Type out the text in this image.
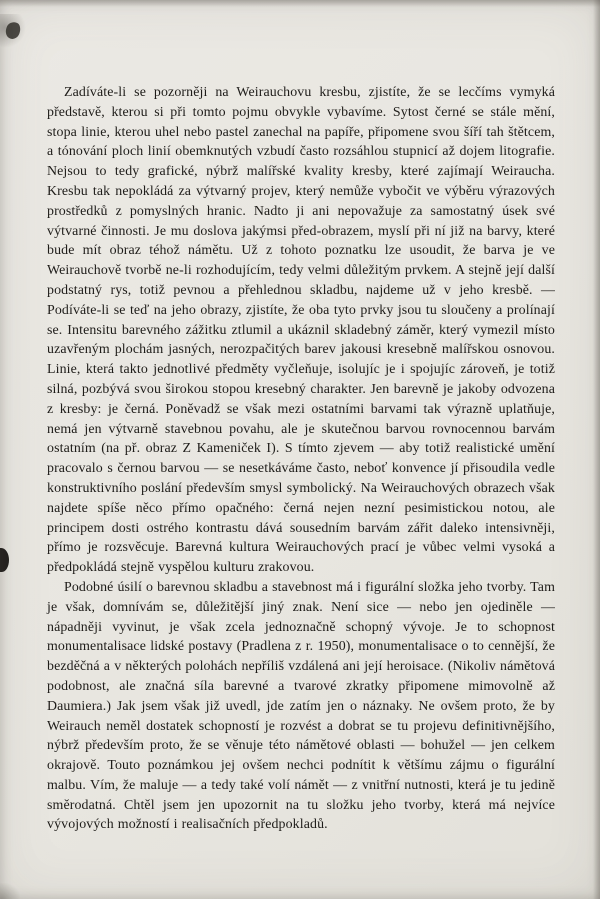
Zadíváte-li se pozorněji na Weirauchovu kresbu, zjistíte, že se lecčíms vymyká představě, kterou si při tomto pojmu obvykle vybavíme. Sytost černé se stále mění, stopa linie, kterou uhel nebo pastel zanechal na papíře, připomene svou šíří tah štětcem, a tónování ploch linií obemknutých vzbudí často rozsáhlou stupnicí až dojem litografie. Nejsou to tedy grafické, nýbrž malířské kvality kresby, které zajímají Weiraucha. Kresbu tak nepokládá za výtvarný projev, který nemůže vybočit ve výběru výrazových prostředků z pomyslných hranic. Nadto ji ani nepovažuje za samostatný úsek své výtvarné činnosti. Je mu doslova jakýmsi před-obrazem, myslí při ní již na barvy, které bude mít obraz téhož námětu. Už z tohoto poznatku lze usoudit, že barva je ve Weirauchově tvorbě ne-li rozhodujícím, tedy velmi důležitým prvkem. A stejně její další podstatný rys, totiž pevnou a přehlednou skladbu, najdeme už v jeho kresbě. — Podíváte-li se teď na jeho obrazy, zjistíte, že oba tyto prvky jsou tu sloučeny a prolínají se. Intensitu barevného zážitku ztlumil a ukáznil skladebný záměr, který vymezil místo uzavřeným plochám jasných, nerozpačitých barev jakousi kresebně malířskou osnovou. Linie, která takto jednotlivé předměty vyčleňuje, isolujíc je i spojujíc zároveň, je totiž silná, pozbývá svou širokou stopou kresebný charakter. Jen barevně je jakoby odvozena z kresby: je černá. Poněvadž se však mezi ostatními barvami tak výrazně uplatňuje, nemá jen výtvarně stavebnou povahu, ale je skutečnou barvou rovnocennou barvám ostatním (na př. obraz Z Kameniček I). S tímto zjevem — aby totiž realistické umění pracovalo s černou barvou — se nesetkáváme často, neboť konvence jí přisoudila vedle konstruktivního poslání především smysl symbolický. Na Weirauchových obrazech však najdete spíše něco přímo opačného: černá nejen nezní pesimistickou notou, ale principem dosti ostrého kontrastu dává sousedním barvám zářit daleko intensivněji, přímo je rozsvěcuje. Barevná kultura Weirauchových prací je vůbec velmi vysoká a předpokládá stejně vyspělou kulturu zrakovou.

Podobné úsilí o barevnou skladbu a stavebnost má i figurální složka jeho tvorby. Tam je však, domnívám se, důležitější jiný znak. Není sice — nebo jen ojediněle — nápadněji vyvinut, je však zcela jednoznačně schopný vývoje. Je to schopnost monumentalisace lidské postavy (Pradlena z r. 1950), monumentalisace o to cennější, že bezděčná a v některých polohách nepříliš vzdálená ani její heroisace. (Nikoliv námětová podobnost, ale značná síla barevné a tvarové zkratky připomene mimovolně až Daumiera.) Jak jsem však již uvedl, jde zatím jen o náznaky. Ne ovšem proto, že by Weirauch neměl dostatek schopností je rozvést a dobrat se tu projevu definitivnějšího, nýbrž především proto, že se věnuje této námětové oblasti — bohužel — jen celkem okrajově. Touto poznámkou jej ovšem nechci podnítit k většímu zájmu o figurální malbu. Vím, že maluje — a tedy také volí námět — z vnitřní nutnosti, která je tu jedině směrodatná. Chtěl jsem jen upozornit na tu složku jeho tvorby, která má nejvíce vývojových možností i realisačních předpokladů.
